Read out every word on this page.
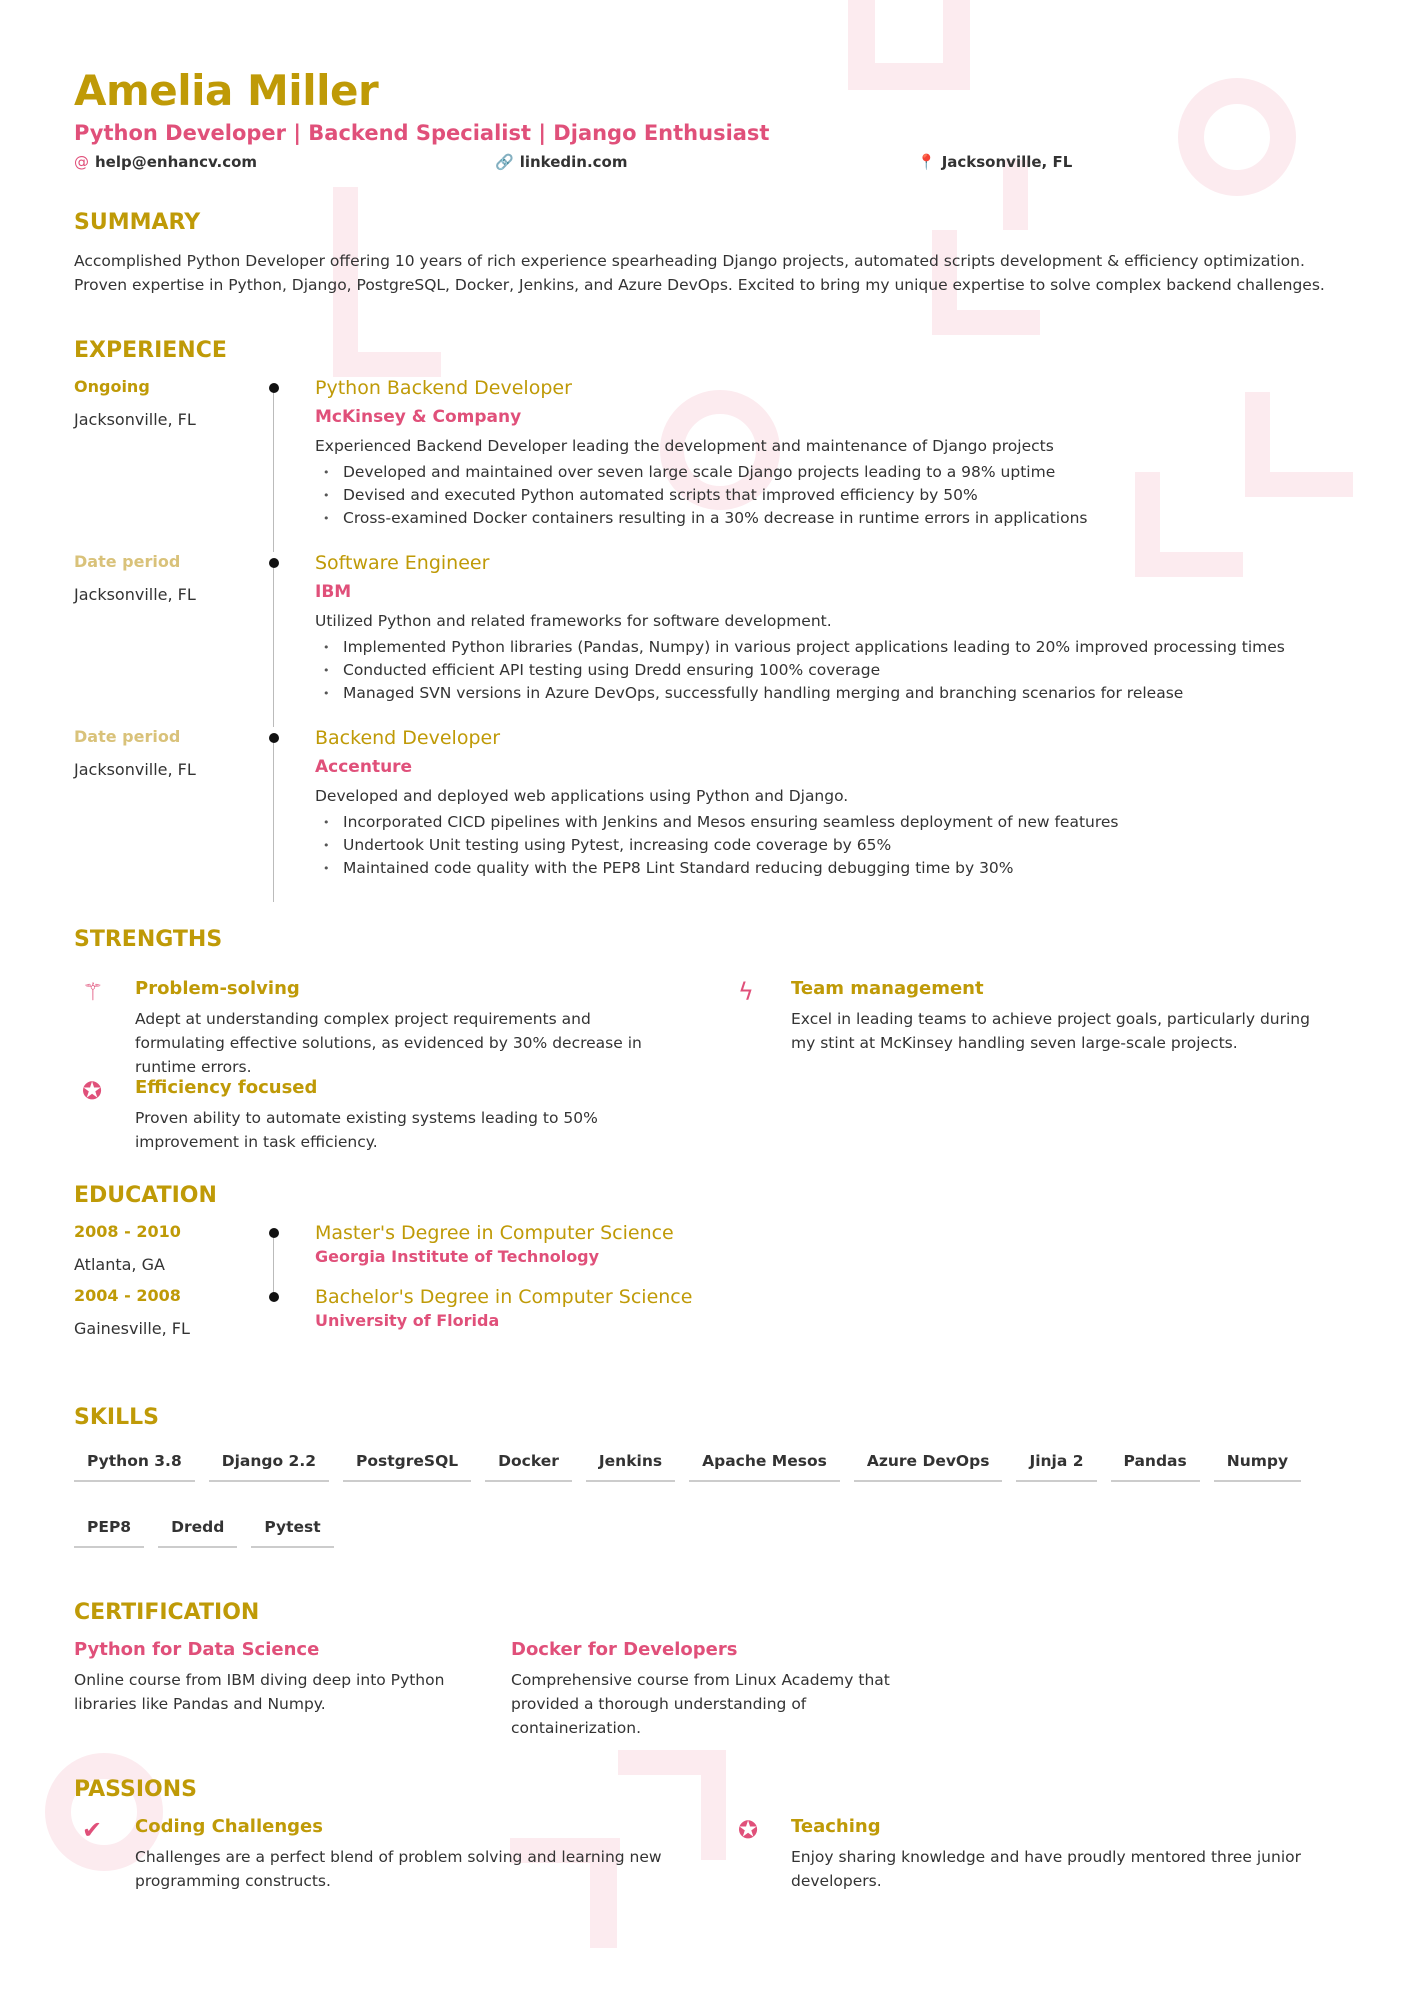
Amelia Miller
Python Developer | Backend Specialist | Django Enthusiast
@ help@enhancv.com	🔗 linkedin.com	📍 Jacksonville, FL
SUMMARY

Accomplished Python Developer offering 10 years of rich experience spearheading Django projects, automated scripts development & efficiency optimization. Proven expertise in Python, Django, PostgreSQL, Docker, Jenkins, and Azure DevOps. Excited to bring my unique expertise to solve complex backend challenges.

EXPERIENCE
Ongoing
Jacksonville, FL
Python Backend Developer
McKinsey & Company
Experienced Backend Developer leading the development and maintenance of Django projects
• Developed and maintained over seven large scale Django projects leading to a 98% uptime
• Devised and executed Python automated scripts that improved efficiency by 50%
• Cross-examined Docker containers resulting in a 30% decrease in runtime errors in applications
Date period
Jacksonville, FL
Software Engineer
IBM
Utilized Python and related frameworks for software development.
• Implemented Python libraries (Pandas, Numpy) in various project applications leading to 20% improved processing times
• Conducted efficient API testing using Dredd ensuring 100% coverage
• Managed SVN versions in Azure DevOps, successfully handling merging and branching scenarios for release
Date period
Jacksonville, FL
Backend Developer
Accenture
Developed and deployed web applications using Python and Django.
• Incorporated CICD pipelines with Jenkins and Mesos ensuring seamless deployment of new features
• Undertook Unit testing using Pytest, increasing code coverage by 65%
• Maintained code quality with the PEP8 Lint Standard reducing debugging time by 30%
STRENGTHS
⚚ Problem-solving

Adept at understanding complex project requirements and formulating effective solutions, as evidenced by 30% decrease in runtime errors.

ϟ Team management

Excel in leading teams to achieve project goals, particularly during my stint at McKinsey handling seven large-scale projects.

✪ Efficiency focused

Proven ability to automate existing systems leading to 50% improvement in task efficiency.

EDUCATION
2008 - 2010
Atlanta, GA
Master's Degree in Computer Science
Georgia Institute of Technology
2004 - 2008
Gainesville, FL
Bachelor's Degree in Computer Science
University of Florida
SKILLS
Python 3.8	Django 2.2	PostgreSQL	Docker	Jenkins	Apache Mesos	Azure DevOps	Jinja 2	Pandas	Numpy
PEP8	Dredd	Pytest
CERTIFICATION
Python for Data Science

Online course from IBM diving deep into Python libraries like Pandas and Numpy.

Docker for Developers

Comprehensive course from Linux Academy that provided a thorough understanding of containerization.

PASSIONS
✔ Coding Challenges

Challenges are a perfect blend of problem solving and learning new programming constructs.

✪ Teaching

Enjoy sharing knowledge and have proudly mentored three junior developers.
